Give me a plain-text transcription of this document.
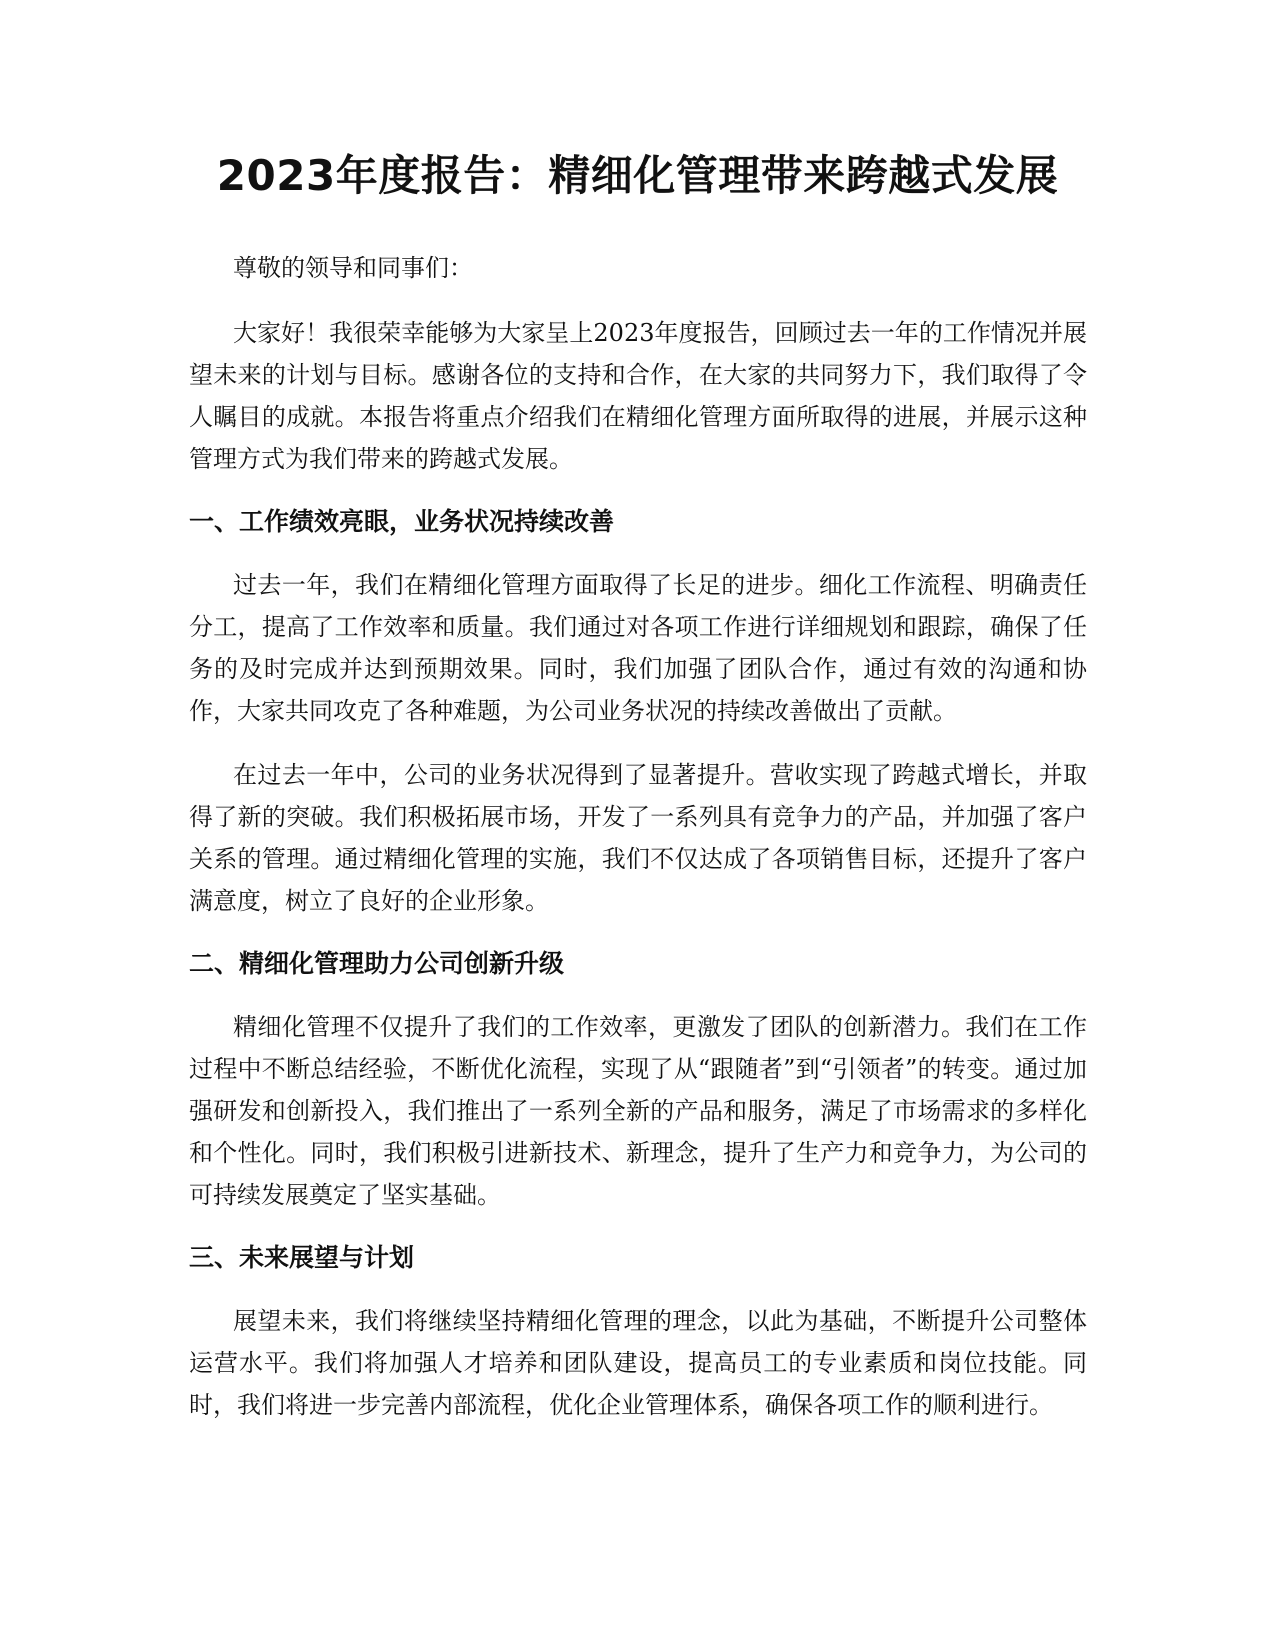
2023年度报告：精细化管理带来跨越式发展

尊敬的领导和同事们：

大家好！我很荣幸能够为大家呈上2023年度报告，回顾过去一年的工作情况并展望未来的计划与目标。感谢各位的支持和合作，在大家的共同努力下，我们取得了令人瞩目的成就。本报告将重点介绍我们在精细化管理方面所取得的进展，并展示这种管理方式为我们带来的跨越式发展。

一、工作绩效亮眼，业务状况持续改善

过去一年，我们在精细化管理方面取得了长足的进步。细化工作流程、明确责任分工，提高了工作效率和质量。我们通过对各项工作进行详细规划和跟踪，确保了任务的及时完成并达到预期效果。同时，我们加强了团队合作，通过有效的沟通和协作，大家共同攻克了各种难题，为公司业务状况的持续改善做出了贡献。

在过去一年中，公司的业务状况得到了显著提升。营收实现了跨越式增长，并取得了新的突破。我们积极拓展市场，开发了一系列具有竞争力的产品，并加强了客户关系的管理。通过精细化管理的实施，我们不仅达成了各项销售目标，还提升了客户满意度，树立了良好的企业形象。

二、精细化管理助力公司创新升级

精细化管理不仅提升了我们的工作效率，更激发了团队的创新潜力。我们在工作过程中不断总结经验，不断优化流程，实现了从“跟随者”到“引领者”的转变。通过加强研发和创新投入，我们推出了一系列全新的产品和服务，满足了市场需求的多样化和个性化。同时，我们积极引进新技术、新理念，提升了生产力和竞争力，为公司的可持续发展奠定了坚实基础。

三、未来展望与计划

展望未来，我们将继续坚持精细化管理的理念，以此为基础，不断提升公司整体运营水平。我们将加强人才培养和团队建设，提高员工的专业素质和岗位技能。同时，我们将进一步完善内部流程，优化企业管理体系，确保各项工作的顺利进行。
